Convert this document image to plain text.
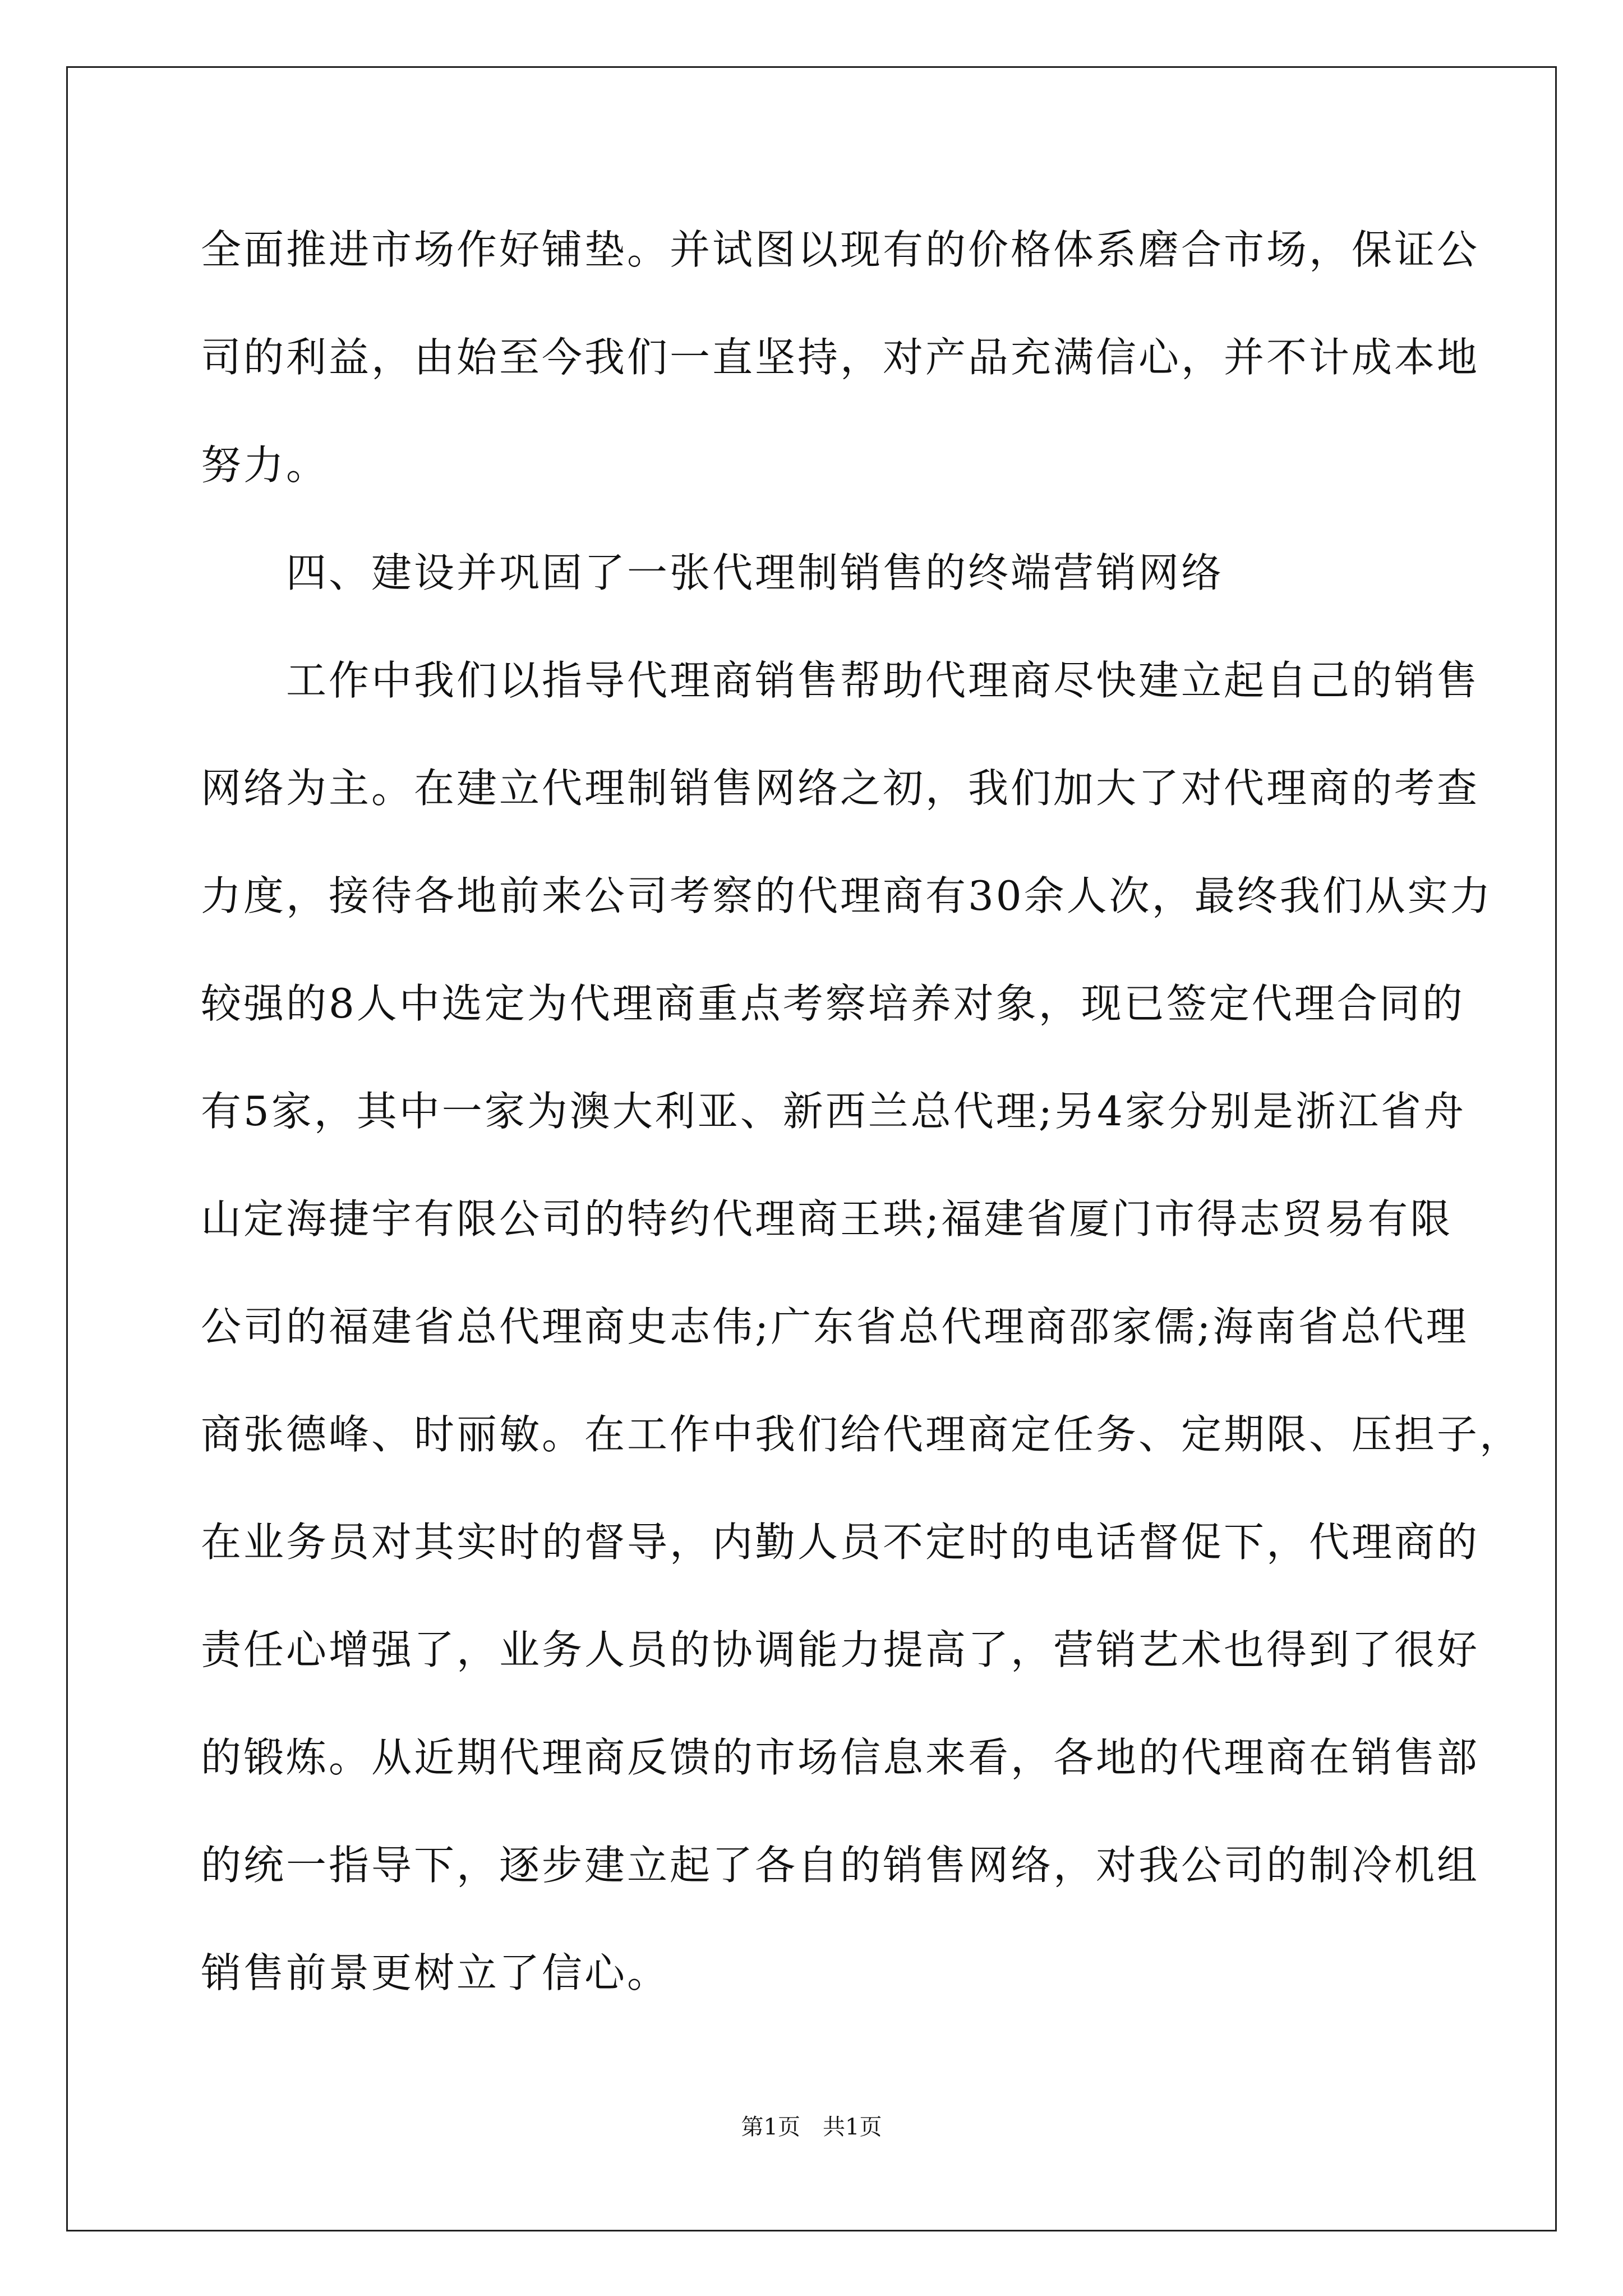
全面推进市场作好铺垫。并试图以现有的价格体系磨合市场，保证公
司的利益，由始至今我们一直坚持，对产品充满信心，并不计成本地
努力。
四、建设并巩固了一张代理制销售的终端营销网络
工作中我们以指导代理商销售帮助代理商尽快建立起自己的销售
网络为主。在建立代理制销售网络之初，我们加大了对代理商的考查
力度，接待各地前来公司考察的代理商有30余人次，最终我们从实力
较强的8人中选定为代理商重点考察培养对象，现已签定代理合同的
有5家，其中一家为澳大利亚、新西兰总代理;另4家分别是浙江省舟
山定海捷宇有限公司的特约代理商王珙;福建省厦门市得志贸易有限
公司的福建省总代理商史志伟;广东省总代理商邵家儒;海南省总代理
商张德峰、时丽敏。在工作中我们给代理商定任务、定期限、压担子，
在业务员对其实时的督导，内勤人员不定时的电话督促下，代理商的
责任心增强了，业务人员的协调能力提高了，营销艺术也得到了很好
的锻炼。从近期代理商反馈的市场信息来看，各地的代理商在销售部
的统一指导下，逐步建立起了各自的销售网络，对我公司的制冷机组
销售前景更树立了信心。
第1页　共1页
